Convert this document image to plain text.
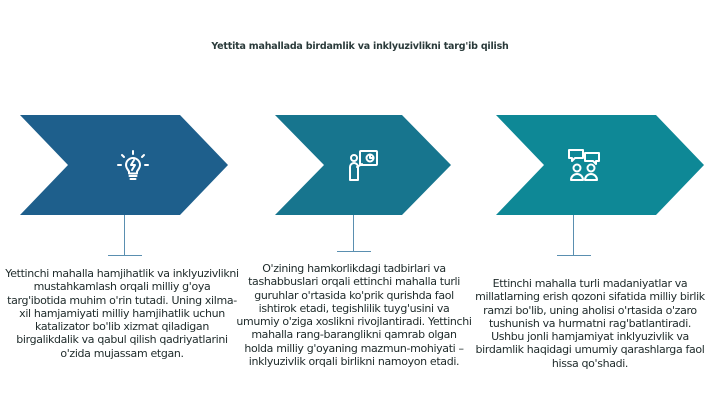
Yettita mahallada birdamlik va inklyuzivlikni targ'ib qilish
Yettinchi mahalla hamjihatlik va inklyuzivlikni mustahkamlash orqali milliy g'oya targ'ibotida muhim o'rin tutadi. Uning xilma-xil hamjamiyati milliy hamjihatlik uchun katalizator bo'lib xizmat qiladigan birgalikdalik va qabul qilish qadriyatlarini o'zida mujassam etgan.
O'zining hamkorlikdagi tadbirlari va tashabbuslari orqali ettinchi mahalla turli guruhlar o'rtasida ko'prik qurishda faol ishtirok etadi, tegishlilik tuyg'usini va umumiy o'ziga xoslikni rivojlantiradi. Yettinchi mahalla rang-baranglikni qamrab olgan holda milliy g'oyaning mazmun-mohiyati – inklyuzivlik orqali birlikni namoyon etadi.
Ettinchi mahalla turli madaniyatlar va millatlarning erish qozoni sifatida milliy birlik ramzi bo'lib, uning aholisi o'rtasida o'zaro tushunish va hurmatni rag'batlantiradi. Ushbu jonli hamjamiyat inklyuzivlik va birdamlik haqidagi umumiy qarashlarga faol hissa qo'shadi.
